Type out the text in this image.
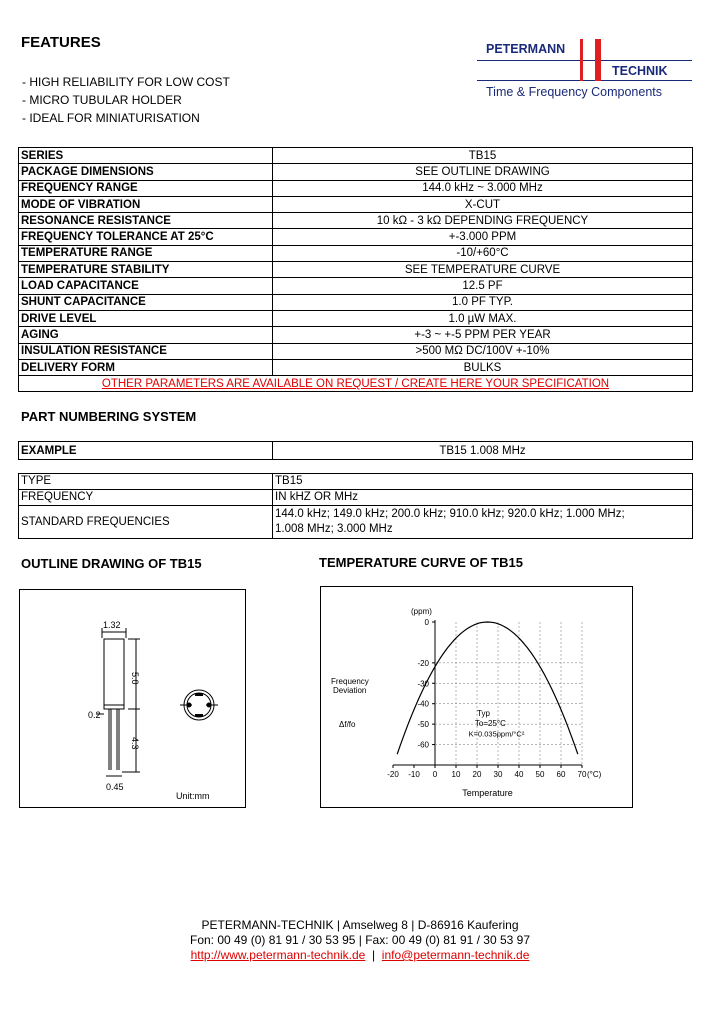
FEATURES
- HIGH RELIABILITY FOR LOW COST
- MICRO TUBULAR HOLDER
- IDEAL FOR MINIATURISATION
PETERMANN
TECHNIK
Time & Frequency Components
SERIES	TB15
PACKAGE DIMENSIONS	SEE OUTLINE DRAWING
FREQUENCY RANGE	144.0 kHz ~ 3.000 MHz
MODE OF VIBRATION	X-CUT
RESONANCE RESISTANCE	10 kΩ - 3 kΩ DEPENDING FREQUENCY
FREQUENCY TOLERANCE AT 25°C	+-3.000 PPM
TEMPERATURE RANGE	-10/+60°C
TEMPERATURE STABILITY	SEE TEMPERATURE CURVE
LOAD CAPACITANCE	12.5 PF
SHUNT CAPACITANCE	1.0 PF TYP.
DRIVE LEVEL	1.0 µW MAX.
AGING	+-3 ~ +-5 PPM PER YEAR
INSULATION RESISTANCE	>500 MΩ DC/100V +-10%
DELIVERY FORM	BULKS
OTHER PARAMETERS ARE AVAILABLE ON REQUEST / CREATE HERE YOUR SPECIFICATION	
PART NUMBERING SYSTEM
EXAMPLE	TB15 1.008 MHz
TYPE	TB15
FREQUENCY	IN kHZ OR MHz
STANDARD FREQUENCIES	144.0 kHz; 149.0 kHz; 200.0 kHz; 910.0 kHz; 920.0 kHz; 1.000 MHz;
1.008 MHz; 3.000 MHz
OUTLINE DRAWING OF TB15	TEMPERATURE CURVE OF TB15
1.32
5.0
4.3
0.2
0.45
Unit:mm
0
-20
-30
-40
-50
-60
-20 -10 0 10 20 30 40 50 60 70 (°C)
(ppm)
Temperature
Frequency
Deviation
Δf/fo
Typ
To=25°C
K=0.035ppm/°C²
PETERMANN-TECHNIK | Amselweg 8 | D-86916 Kaufering
Fon: 00 49 (0) 81 91 / 30 53 95 | Fax: 00 49 (0) 81 91 / 30 53 97
http://www.petermann-technik.de  |  info@petermann-technik.de
